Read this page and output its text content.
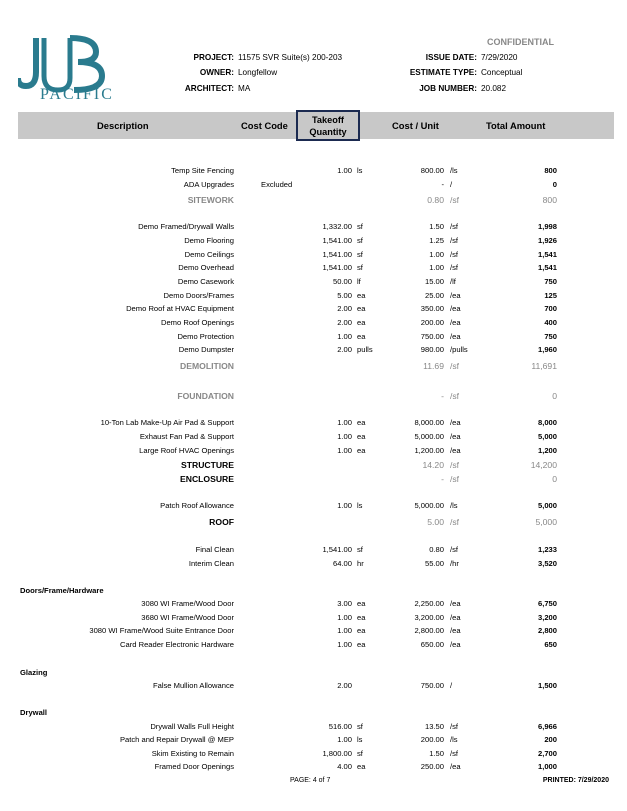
PACIFIC
CONFIDENTIAL
PROJECT: 11575 SVR Suite(s) 200-203
OWNER: Longfellow
ARCHITECT: MA
ISSUE DATE: 7/29/2020
ESTIMATE TYPE: Conceptual
JOB NUMBER: 20.082
Description	Cost Code	Takeoff
Quantity
Cost / Unit	Total Amount
Temp Site Fencing	1.00 ls	800.00 /ls	800
ADA Upgrades	Excluded	- /	0
SITEWORK	0.80 /sf	800
Demo Framed/Drywall Walls	1,332.00 sf	1.50 /sf	1,998
Demo Flooring	1,541.00 sf	1.25 /sf	1,926
Demo Ceilings	1,541.00 sf	1.00 /sf	1,541
Demo Overhead	1,541.00 sf	1.00 /sf	1,541
Demo Casework	50.00 lf	15.00 /lf	750
Demo Doors/Frames	5.00 ea	25.00 /ea	125
Demo Roof at HVAC Equipment	2.00 ea	350.00 /ea	700
Demo Roof Openings	2.00 ea	200.00 /ea	400
Demo Protection	1.00 ea	750.00 /ea	750
Demo Dumpster	2.00 pulls	980.00 /pulls	1,960
DEMOLITION	11.69 /sf	11,691
FOUNDATION	- /sf	0
10-Ton Lab Make-Up Air Pad & Support	1.00 ea	8,000.00 /ea	8,000
Exhaust Fan Pad & Support	1.00 ea	5,000.00 /ea	5,000
Large Roof HVAC Openings	1.00 ea	1,200.00 /ea	1,200
STRUCTURE	14.20 /sf	14,200
ENCLOSURE	- /sf	0
Patch Roof Allowance	1.00 ls	5,000.00 /ls	5,000
ROOF	5.00 /sf	5,000
Final Clean	1,541.00 sf	0.80 /sf	1,233
Interim Clean	64.00 hr	55.00 /hr	3,520
Doors/Frame/Hardware
3080 WI Frame/Wood Door	3.00 ea	2,250.00 /ea	6,750
3680 WI Frame/Wood Door	1.00 ea	3,200.00 /ea	3,200
3080 WI Frame/Wood Suite Entrance Door	1.00 ea	2,800.00 /ea	2,800
Card Reader Electronic Hardware	1.00 ea	650.00 /ea	650
Glazing
False Mullion Allowance	2.00	750.00 /	1,500
Drywall
Drywall Walls Full Height	516.00 sf	13.50 /sf	6,966
Patch and Repair Drywall @ MEP	1.00 ls	200.00 /ls	200
Skim Existing to Remain	1,800.00 sf	1.50 /sf	2,700
Framed Door Openings	4.00 ea	250.00 /ea	1,000
PAGE: 4 of 7	PRINTED: 7/29/2020
